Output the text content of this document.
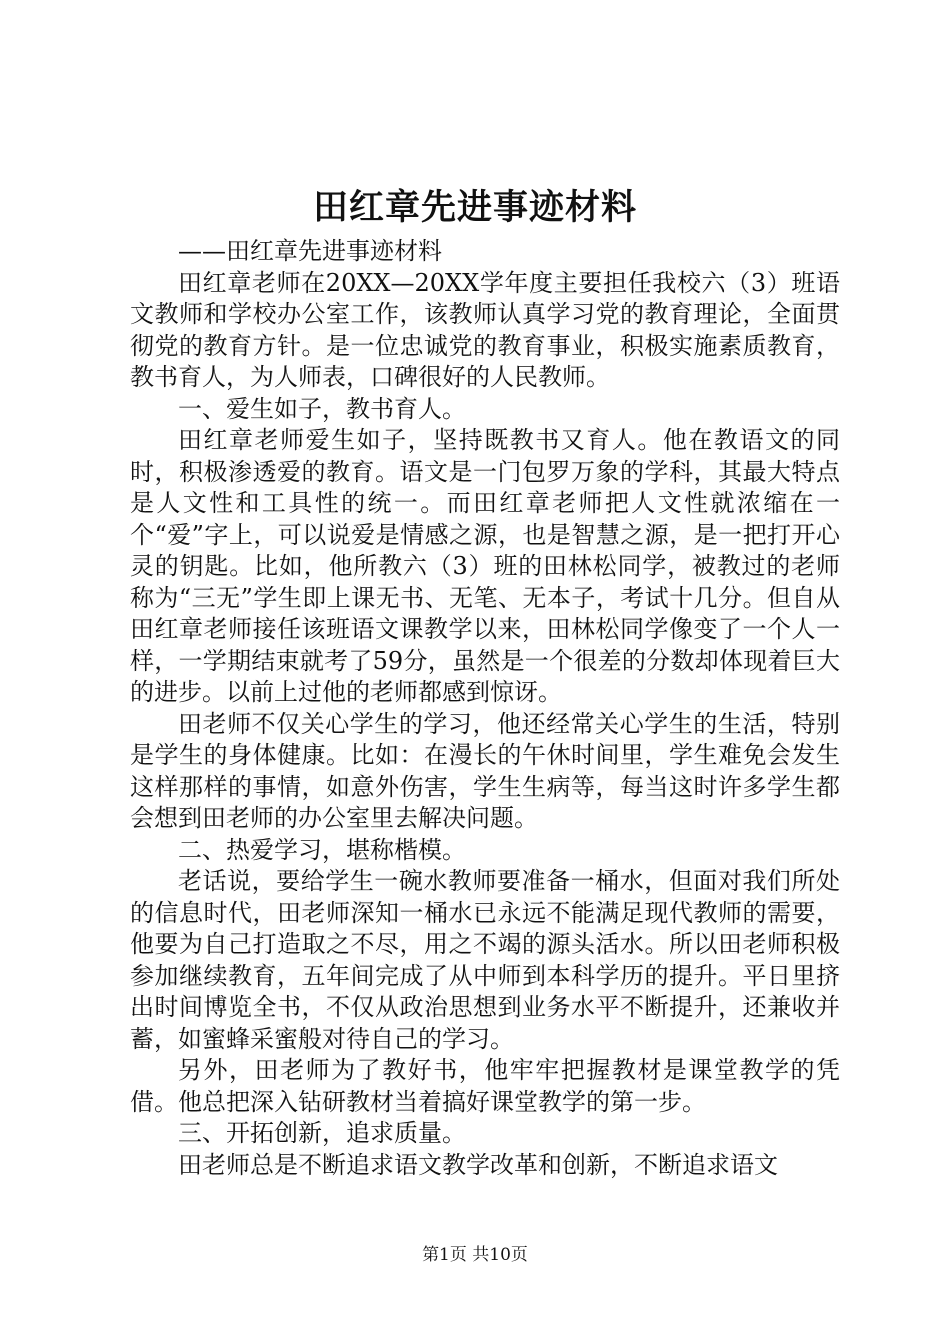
田红章先进事迹材料

——田红章先进事迹材料

田红章老师在20XX—20XX学年度主要担任我校六（3）班语文教师和学校办公室工作，该教师认真学习党的教育理论，全面贯彻党的教育方针。是一位忠诚党的教育事业，积极实施素质教育，教书育人，为人师表，口碑很好的人民教师。

一、爱生如子，教书育人。

田红章老师爱生如子，坚持既教书又育人。他在教语文的同时，积极渗透爱的教育。语文是一门包罗万象的学科，其最大特点是人文性和工具性的统一。而田红章老师把人文性就浓缩在一个“爱”字上，可以说爱是情感之源，也是智慧之源，是一把打开心灵的钥匙。比如，他所教六（3）班的田林松同学，被教过的老师称为“三无”学生即上课无书、无笔、无本子，考试十几分。但自从田红章老师接任该班语文课教学以来，田林松同学像变了一个人一样，一学期结束就考了59分，虽然是一个很差的分数却体现着巨大的进步。以前上过他的老师都感到惊讶。

田老师不仅关心学生的学习，他还经常关心学生的生活，特别是学生的身体健康。比如：在漫长的午休时间里，学生难免会发生这样那样的事情，如意外伤害，学生生病等，每当这时许多学生都会想到田老师的办公室里去解决问题。

二、热爱学习，堪称楷模。

老话说，要给学生一碗水教师要准备一桶水，但面对我们所处的信息时代，田老师深知一桶水已永远不能满足现代教师的需要，他要为自己打造取之不尽，用之不竭的源头活水。所以田老师积极参加继续教育，五年间完成了从中师到本科学历的提升。平日里挤出时间博览全书，不仅从政治思想到业务水平不断提升，还兼收并蓄，如蜜蜂采蜜般对待自己的学习。

另外，田老师为了教好书，他牢牢把握教材是课堂教学的凭借。他总把深入钻研教材当着搞好课堂教学的第一步。

三、开拓创新，追求质量。

田老师总是不断追求语文教学改革和创新，不断追求语文

第1页 共10页
